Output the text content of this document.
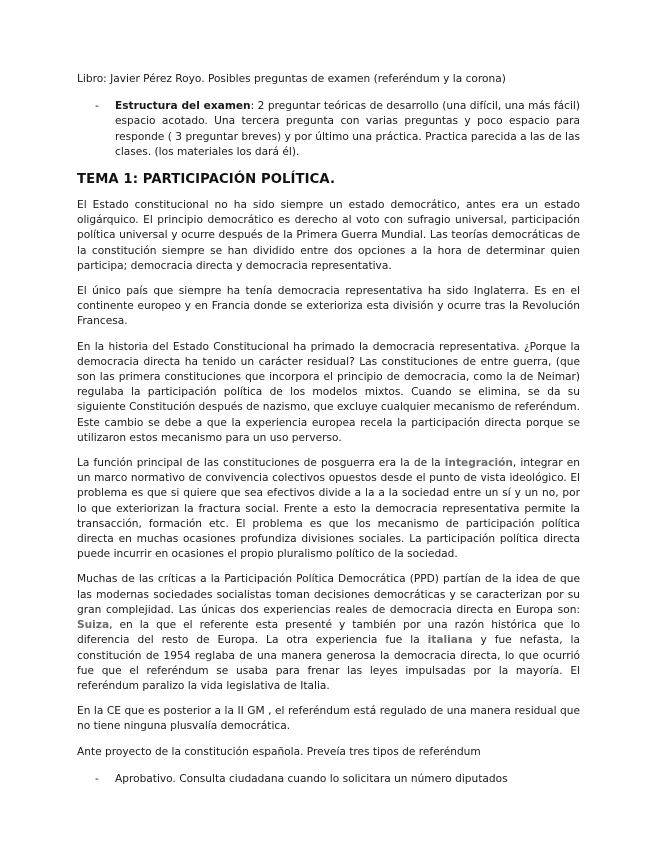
Libro: Javier Pérez Royo. Posibles preguntas de examen (referéndum y la corona)

- Estructura del examen: 2 preguntar teóricas de desarrollo (una difícil, una más fácil) espacio acotado. Una tercera pregunta con varias preguntas y poco espacio para responde ( 3 preguntar breves) y por último una práctica. Practica parecida a las de las clases. (los materiales los dará él).

TEMA 1: PARTICIPACIÓN POLÍTICA.

El Estado constitucional no ha sido siempre un estado democrático, antes era un estado oligárquico. El principio democrático es derecho al voto con sufragio universal, participación política universal y ocurre después de la Primera Guerra Mundial. Las teorías democráticas de la constitución siempre se han dividido entre dos opciones a la hora de determinar quien participa; democracia directa y democracia representativa.

El único país que siempre ha tenía democracia representativa ha sido Inglaterra. Es en el continente europeo y en Francia donde se exterioriza esta división y ocurre tras la Revolución Francesa.

En la historia del Estado Constitucional ha primado la democracia representativa. ¿Porque la democracia directa ha tenido un carácter residual? Las constituciones de entre guerra, (que son las primera constituciones que incorpora el principio de democracia, como la de Neimar) regulaba la participación política de los modelos mixtos. Cuando se elimina, se da su siguiente Constitución después de nazismo, que excluye cualquier mecanismo de referéndum. Este cambio se debe a que la experiencia europea recela la participación directa porque se utilizaron estos mecanismo para un uso perverso.

La función principal de las constituciones de posguerra era la de la integración, integrar en un marco normativo de convivencia colectivos opuestos desde el punto de vista ideológico. El problema es que si quiere que sea efectivos divide a la a la sociedad entre un sí y un no, por lo que exteriorizan la fractura social. Frente a esto la democracia representativa permite la transacción, formación etc. El problema es que los mecanismo de participación política directa en muchas ocasiones profundiza divisiones sociales. La participación política directa puede incurrir en ocasiones el propio pluralismo político de la sociedad.

Muchas de las críticas a la Participación Política Democrática (PPD) partían de la idea de que las modernas sociedades socialistas toman decisiones democráticas y se caracterizan por su gran complejidad. Las únicas dos experiencias reales de democracia directa en Europa son: Suiza, en la que el referente esta presenté y también por una razón histórica que lo diferencia del resto de Europa. La otra experiencia fue la italiana y fue nefasta, la constitución de 1954 reglaba de una manera generosa la democracia directa, lo que ocurrió fue que el referéndum se usaba para frenar las leyes impulsadas por la mayoría. El referéndum paralizo la vida legislativa de Italia.

En la CE que es posterior a la II GM , el referéndum está regulado de una manera residual que no tiene ninguna plusvalía democrática.

Ante proyecto de la constitución española. Preveía tres tipos de referéndum

- Aprobativo. Consulta ciudadana cuando lo solicitara un número diputados
